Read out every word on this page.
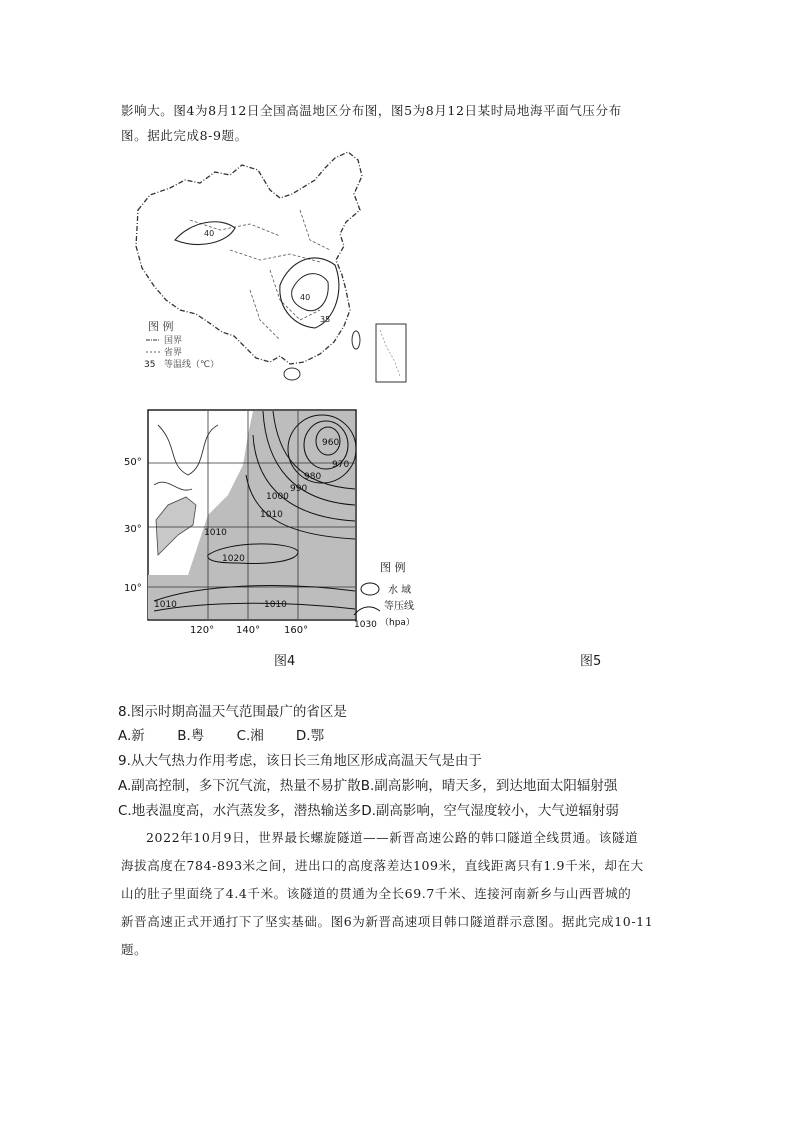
影响大。图4为8月12日全国高温地区分布图，图5为8月12日某时局地海平面气压分布
图。据此完成8-9题。
40
40
35
图 例
国界
省界
35 等温线（℃）
960
970
980
990
1000
1010
1010
1020
1010	1010
50°
30°
10°
120° 140° 160°
图 例
水 域
等压线
1030 （hpa）
图4	图5
8.图示时期高温天气范围最广的省区是
A.新 B.粤 C.湘 D.鄂
9.从大气热力作用考虑，该日长三角地区形成高温天气是由于
A.副高控制，多下沉气流，热量不易扩散B.副高影响，晴天多，到达地面太阳辐射强
C.地表温度高，水汽蒸发多，潜热输送多D.副高影响，空气湿度较小，大气逆辐射弱
2022年10月9日，世界最长螺旋隧道——新晋高速公路的韩口隧道全线贯通。该隧道
海拔高度在784-893米之间，进出口的高度落差达109米，直线距离只有1.9千米，却在大
山的肚子里面绕了4.4千米。该隧道的贯通为全长69.7千米、连接河南新乡与山西晋城的
新晋高速正式开通打下了坚实基础。图6为新晋高速项目韩口隧道群示意图。据此完成10-11
题。
